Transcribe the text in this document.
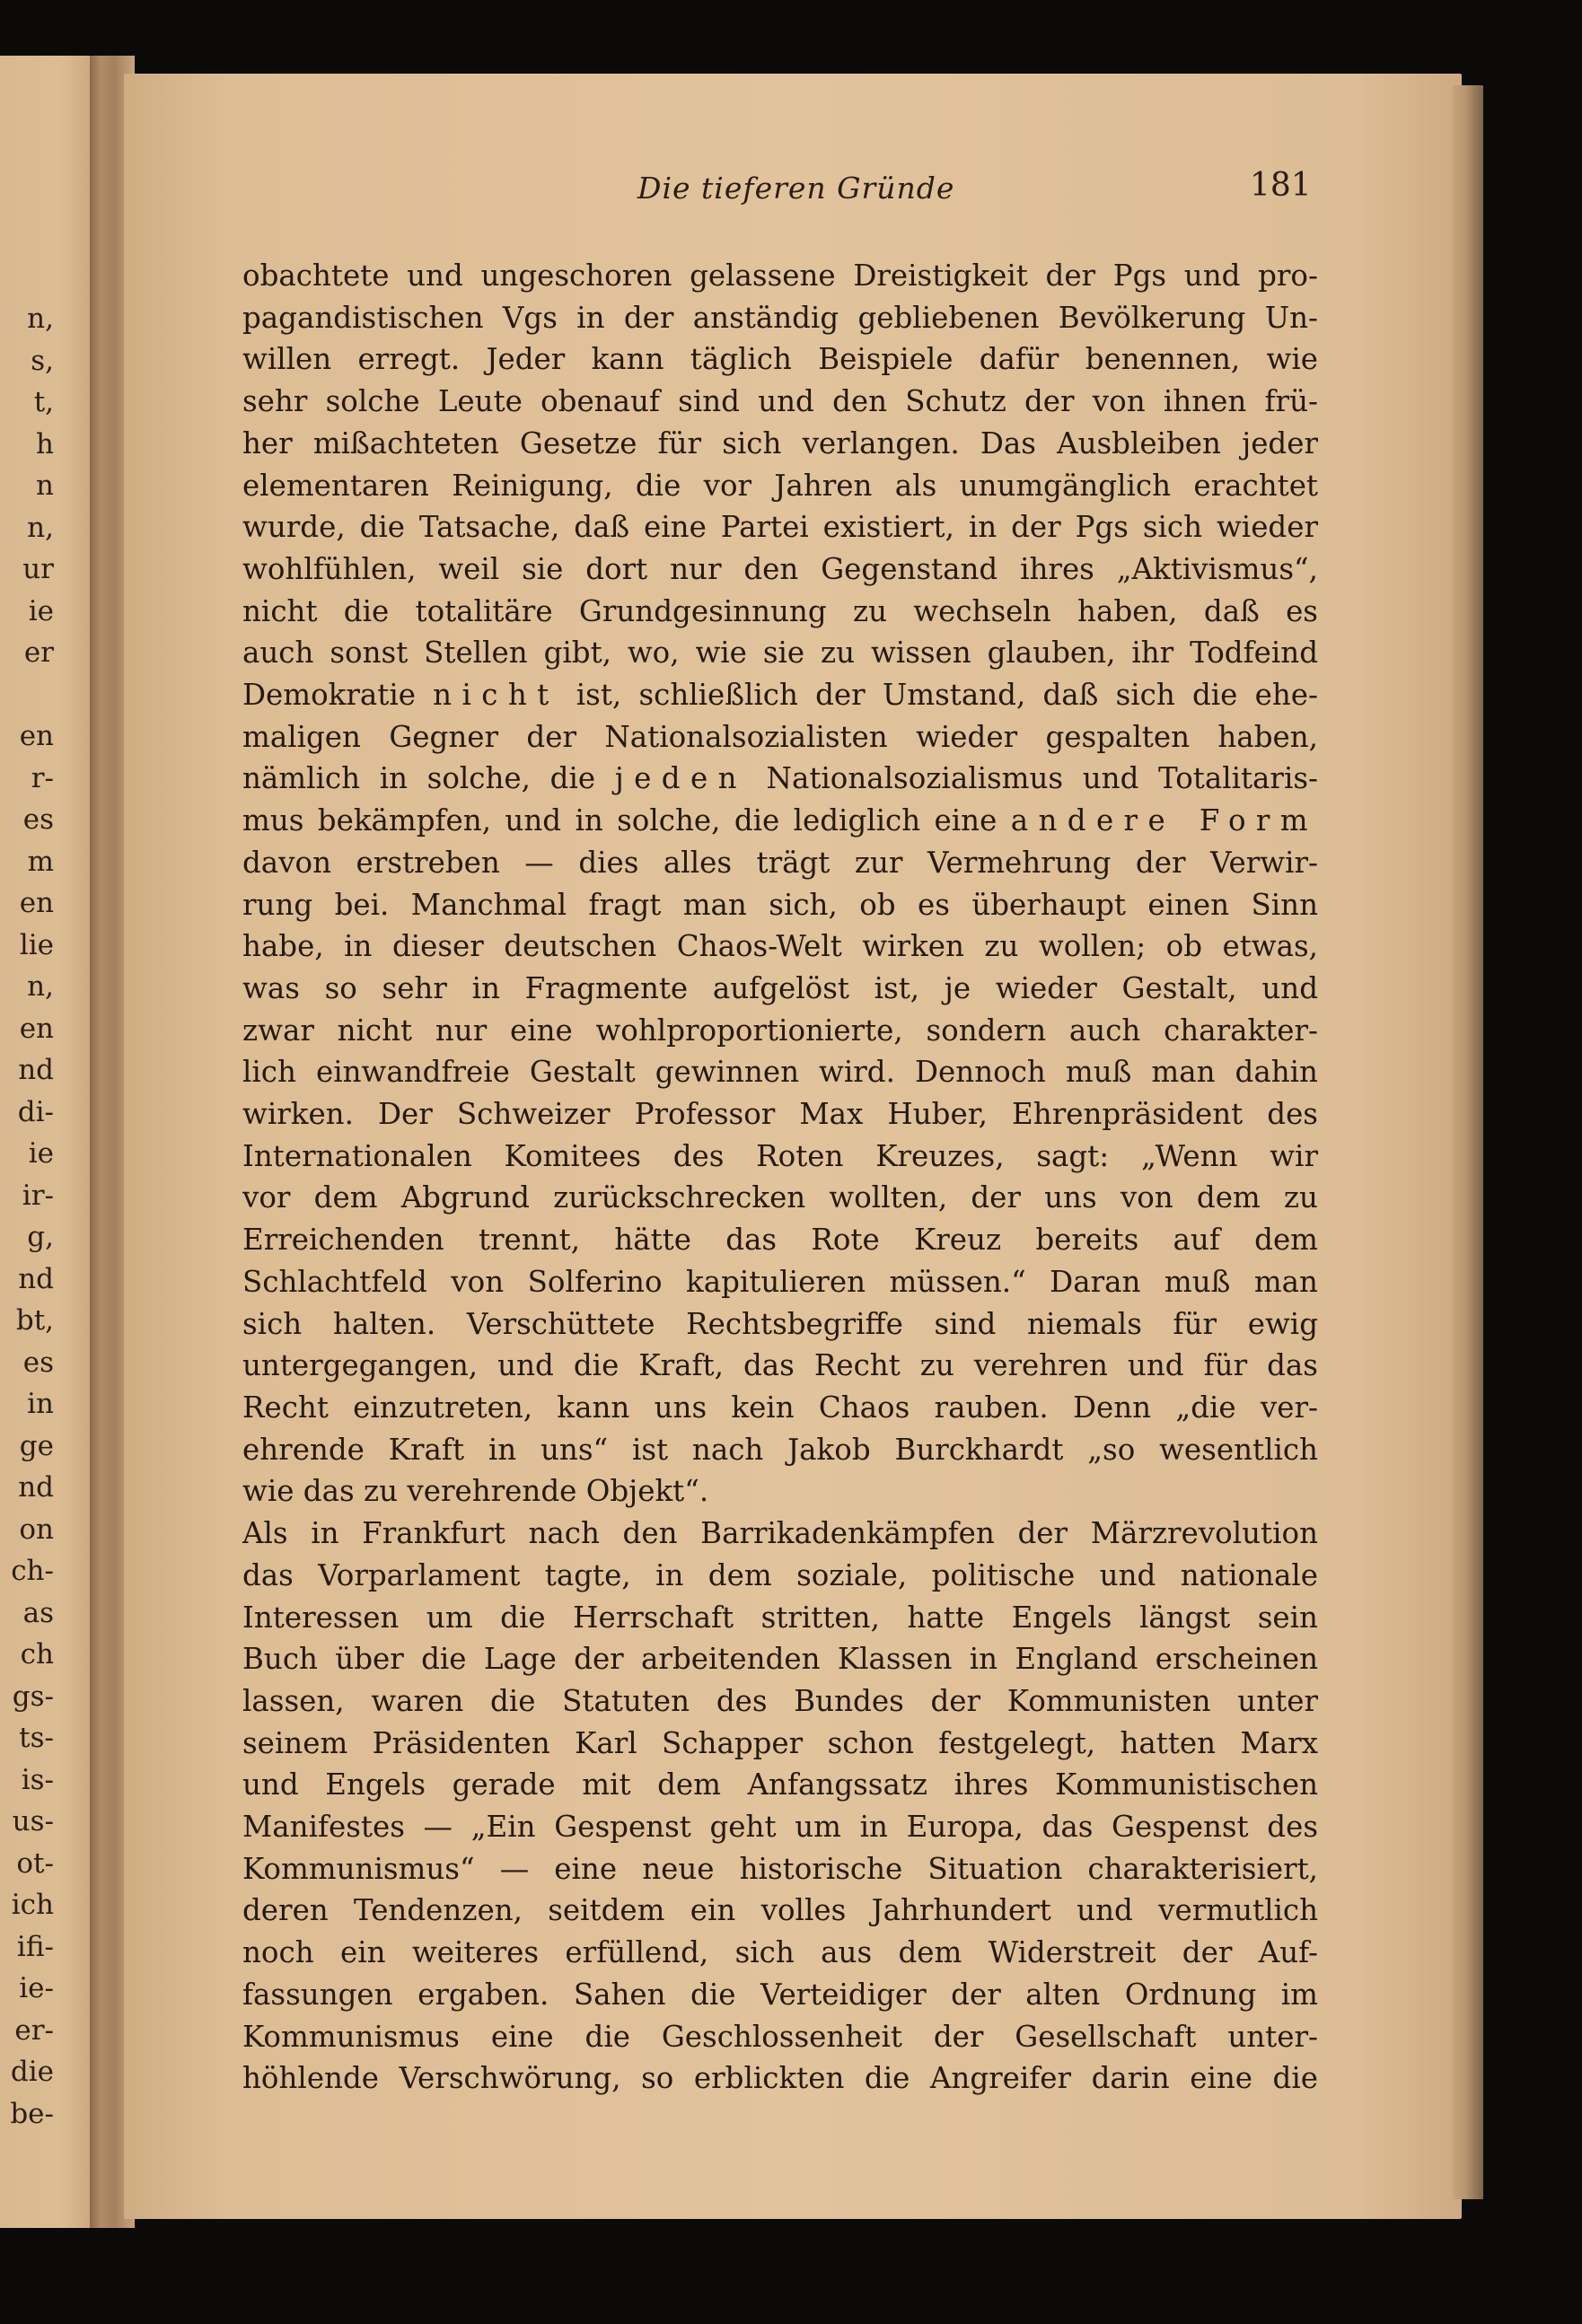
n,
s,
t,
h
n
n,
ur
ie
er

en
r-
es
m
en
lie
n,
en
nd
di-
ie
ir-
g,
nd
bt,
es
in
ge
nd
on
ch-
as
ch
gs-
ts-
is-
us-
ot-
ich
ifi-
ie-
er-
die
be-
Die tieferen Gründe	181
obachtete und ungeschoren gelassene Dreistigkeit der Pgs und pro-
pagandistischen Vgs in der anständig gebliebenen Bevölkerung Un-
willen erregt. Jeder kann täglich Beispiele dafür benennen, wie
sehr solche Leute obenauf sind und den Schutz der von ihnen frü-
her mißachteten Gesetze für sich verlangen. Das Ausbleiben jeder
elementaren Reinigung, die vor Jahren als unumgänglich erachtet
wurde, die Tatsache, daß eine Partei existiert, in der Pgs sich wieder
wohlfühlen, weil sie dort nur den Gegenstand ihres „Aktivismus“,
nicht die totalitäre Grundgesinnung zu wechseln haben, daß es
auch sonst Stellen gibt, wo, wie sie zu wissen glauben, ihr Todfeind
Demokratie nicht ist, schließlich der Umstand, daß sich die ehe-
maligen Gegner der Nationalsozialisten wieder gespalten haben,
nämlich in solche, die jeden Nationalsozialismus und Totalitaris-
mus bekämpfen, und in solche, die lediglich eine andere Form
davon erstreben — dies alles trägt zur Vermehrung der Verwir-
rung bei. Manchmal fragt man sich, ob es überhaupt einen Sinn
habe, in dieser deutschen Chaos-Welt wirken zu wollen; ob etwas,
was so sehr in Fragmente aufgelöst ist, je wieder Gestalt, und
zwar nicht nur eine wohlproportionierte, sondern auch charakter-
lich einwandfreie Gestalt gewinnen wird. Dennoch muß man dahin
wirken. Der Schweizer Professor Max Huber, Ehrenpräsident des
Internationalen Komitees des Roten Kreuzes, sagt: „Wenn wir
vor dem Abgrund zurückschrecken wollten, der uns von dem zu
Erreichenden trennt, hätte das Rote Kreuz bereits auf dem
Schlachtfeld von Solferino kapitulieren müssen.“ Daran muß man
sich halten. Verschüttete Rechtsbegriffe sind niemals für ewig
untergegangen, und die Kraft, das Recht zu verehren und für das
Recht einzutreten, kann uns kein Chaos rauben. Denn „die ver-
ehrende Kraft in uns“ ist nach Jakob Burckhardt „so wesentlich
wie das zu verehrende Objekt“.
Als in Frankfurt nach den Barrikadenkämpfen der Märzrevolution
das Vorparlament tagte, in dem soziale, politische und nationale
Interessen um die Herrschaft stritten, hatte Engels längst sein
Buch über die Lage der arbeitenden Klassen in England erscheinen
lassen, waren die Statuten des Bundes der Kommunisten unter
seinem Präsidenten Karl Schapper schon festgelegt, hatten Marx
und Engels gerade mit dem Anfangssatz ihres Kommunistischen
Manifestes — „Ein Gespenst geht um in Europa, das Gespenst des
Kommunismus“ — eine neue historische Situation charakterisiert,
deren Tendenzen, seitdem ein volles Jahrhundert und vermutlich
noch ein weiteres erfüllend, sich aus dem Widerstreit der Auf-
fassungen ergaben. Sahen die Verteidiger der alten Ordnung im
Kommunismus eine die Geschlossenheit der Gesellschaft unter-
höhlende Verschwörung, so erblickten die Angreifer darin eine die
